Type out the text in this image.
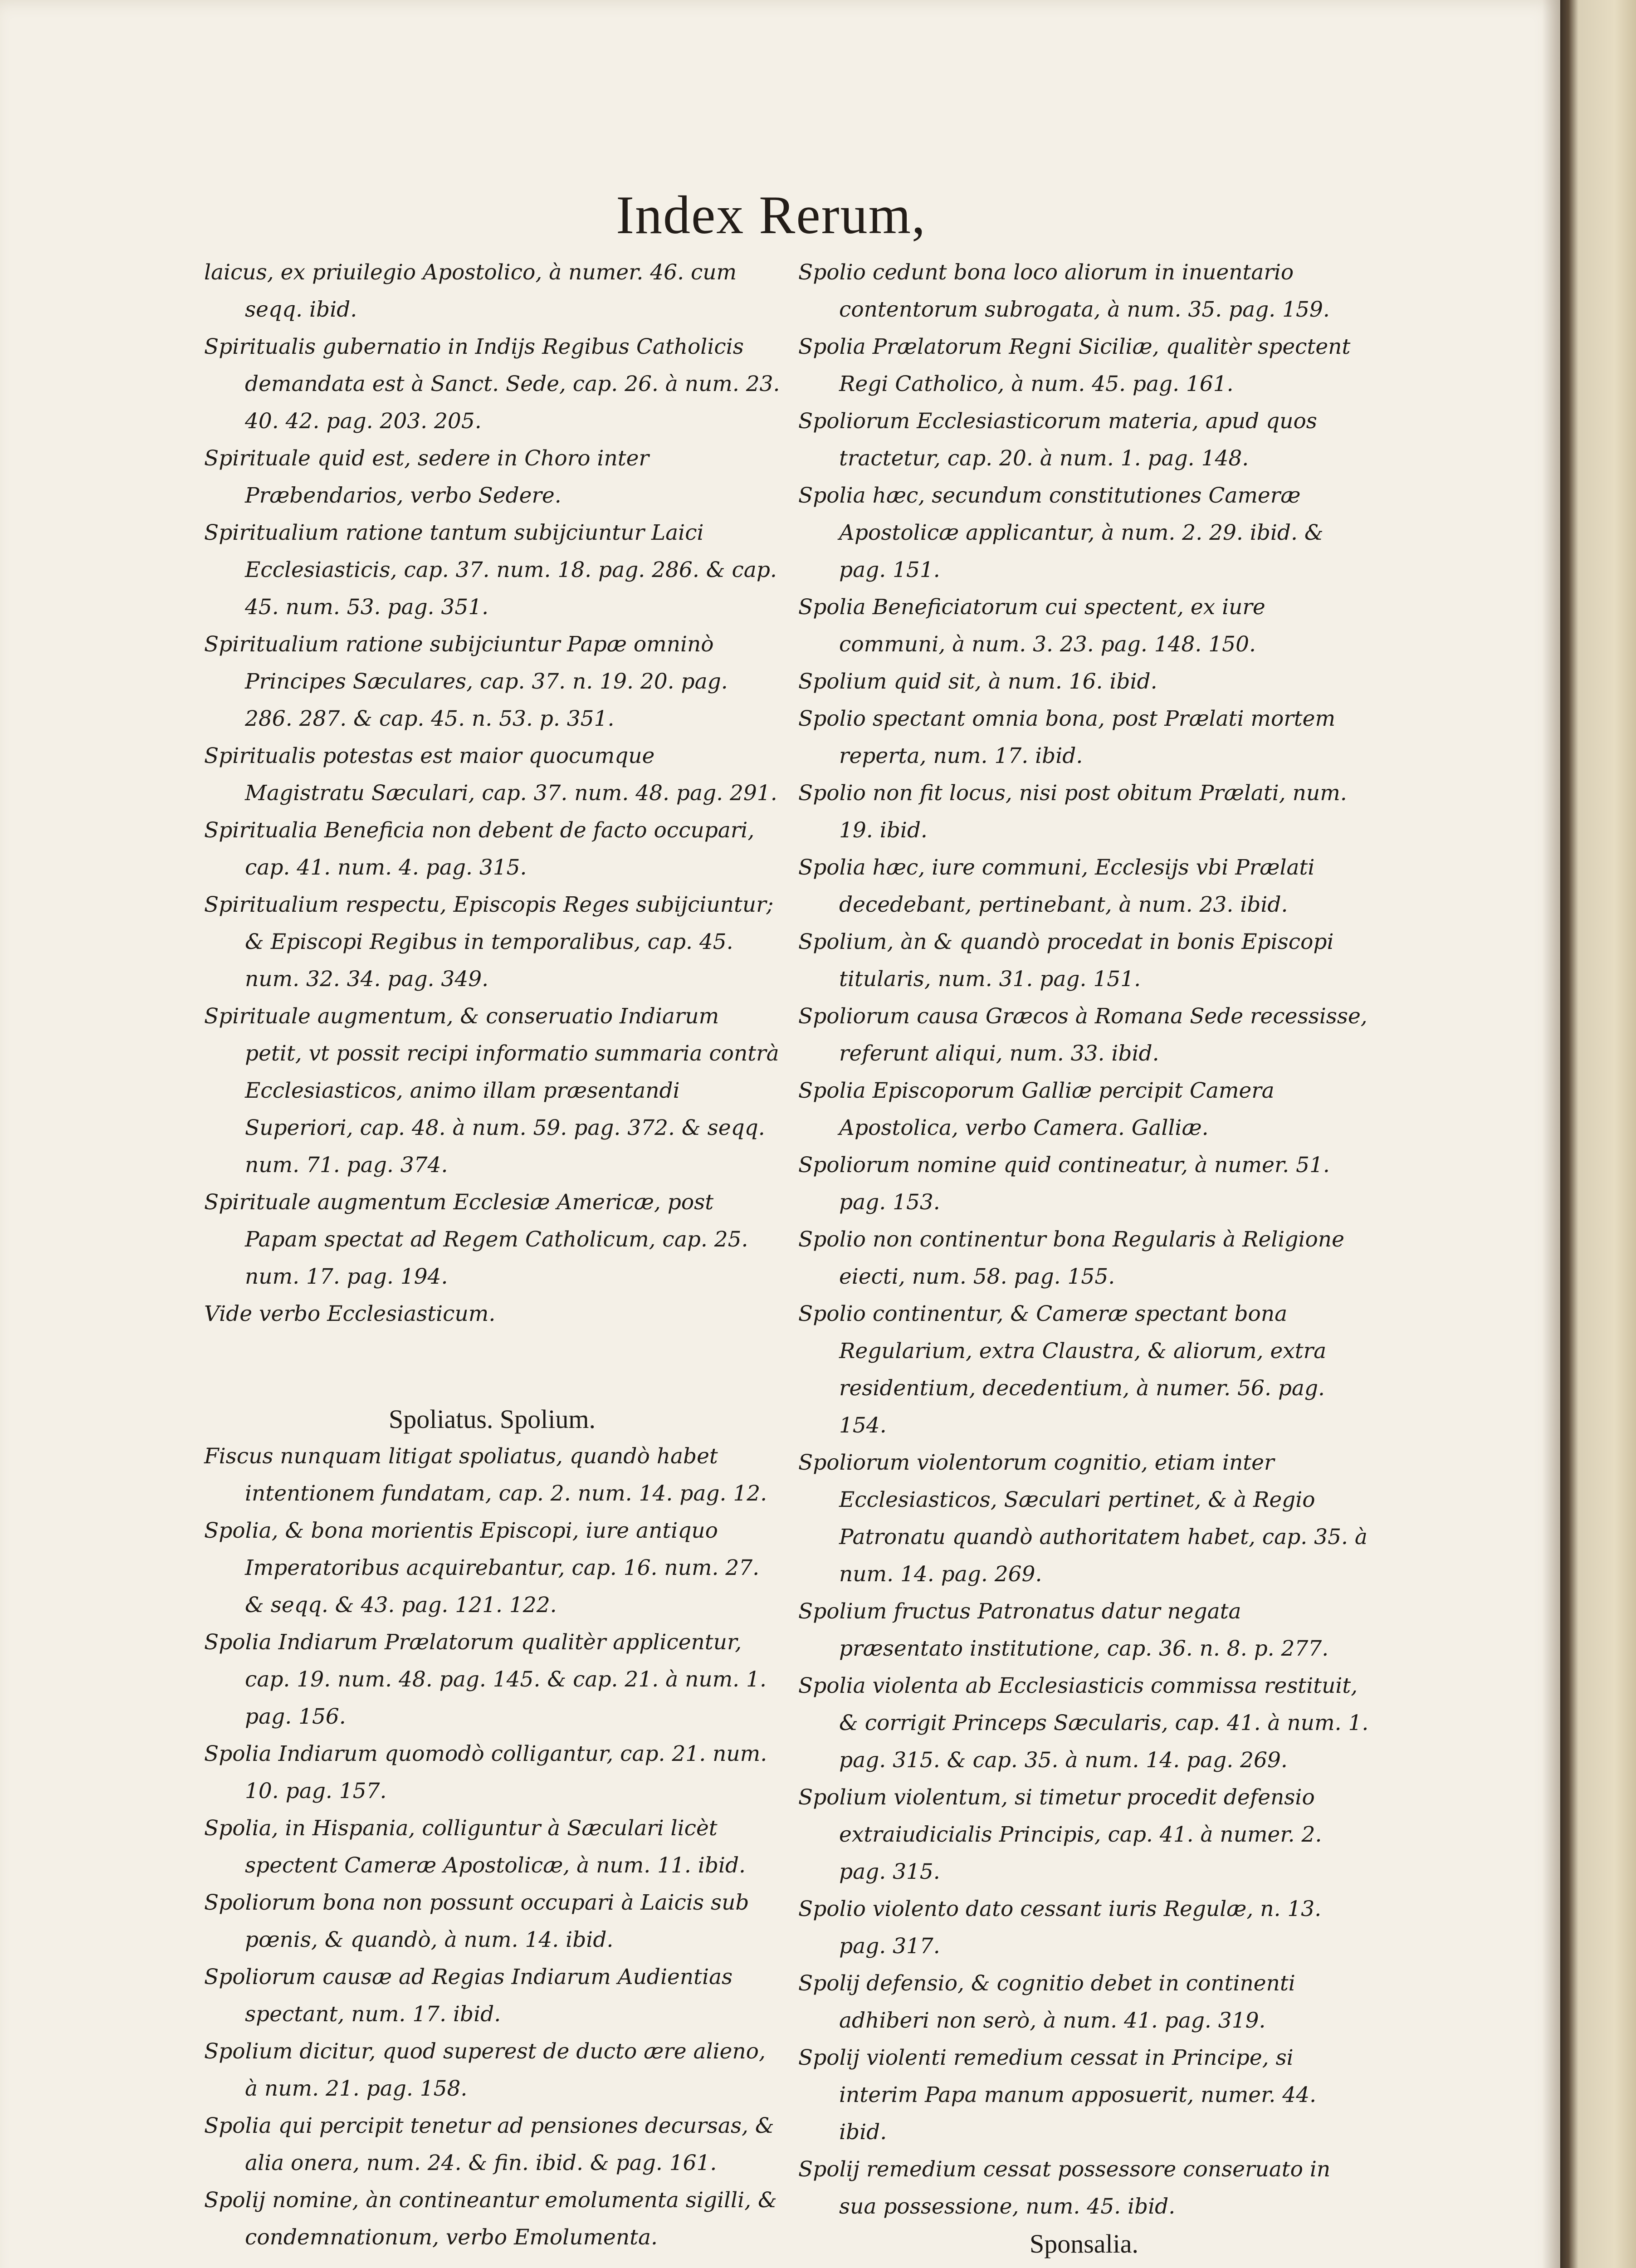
Index Rerum,

laicus, ex priuilegio Apostolico, à numer. 46. cum seqq. ibid.

Spiritualis gubernatio in Indijs Regibus Catholicis demandata est à Sanct. Sede, cap. 26. à num. 23. 40. 42. pag. 203. 205.

Spirituale quid est, sedere in Choro inter Præbendarios, verbo Sedere.

Spiritualium ratione tantum subijciuntur Laici Ecclesiasticis, cap. 37. num. 18. pag. 286. & cap. 45. num. 53. pag. 351.

Spiritualium ratione subijciuntur Papæ omninò Principes Sæculares, cap. 37. n. 19. 20. pag. 286. 287. & cap. 45. n. 53. p. 351.

Spiritualis potestas est maior quocumque Magistratu Sæculari, cap. 37. num. 48. pag. 291.

Spiritualia Beneficia non debent de facto occupari, cap. 41. num. 4. pag. 315.

Spiritualium respectu, Episcopis Reges subijciuntur; & Episcopi Regibus in temporalibus, cap. 45. num. 32. 34. pag. 349.

Spirituale augmentum, & conseruatio Indiarum petit, vt possit recipi informatio summaria contrà Ecclesiasticos, animo illam præsentandi Superiori, cap. 48. à num. 59. pag. 372. & seqq. num. 71. pag. 374.

Spirituale augmentum Ecclesiæ Americæ, post Papam spectat ad Regem Catholicum, cap. 25. num. 17. pag. 194.

Vide verbo Ecclesiasticum.

Spoliatus. Spolium.

Fiscus nunquam litigat spoliatus, quandò habet intentionem fundatam, cap. 2. num. 14. pag. 12.

Spolia, & bona morientis Episcopi, iure antiquo Imperatoribus acquirebantur, cap. 16. num. 27. & seqq. & 43. pag. 121. 122.

Spolia Indiarum Prælatorum qualitèr applicentur, cap. 19. num. 48. pag. 145. & cap. 21. à num. 1. pag. 156.

Spolia Indiarum quomodò colligantur, cap. 21. num. 10. pag. 157.

Spolia, in Hispania, colliguntur à Sæculari licèt spectent Cameræ Apostolicæ, à num. 11. ibid.

Spoliorum bona non possunt occupari à Laicis sub pœnis, & quandò, à num. 14. ibid.

Spoliorum causæ ad Regias Indiarum Audientias spectant, num. 17. ibid.

Spolium dicitur, quod superest de ducto ære alieno, à num. 21. pag. 158.

Spolia qui percipit tenetur ad pensiones decursas, & alia onera, num. 24. & fin. ibid. & pag. 161.

Spolij nomine, àn contineantur emolumenta sigilli, & condemnationum, verbo Emolumenta.

Spolio cedunt bona loco aliorum in inuentario contentorum subrogata, à num. 35. pag. 159.

Spolia Prælatorum Regni Siciliæ, qualitèr spectent Regi Catholico, à num. 45. pag. 161.

Spoliorum Ecclesiasticorum materia, apud quos tractetur, cap. 20. à num. 1. pag. 148.

Spolia hæc, secundum constitutiones Cameræ Apostolicæ applicantur, à num. 2. 29. ibid. & pag. 151.

Spolia Beneficiatorum cui spectent, ex iure communi, à num. 3. 23. pag. 148. 150.

Spolium quid sit, à num. 16. ibid.

Spolio spectant omnia bona, post Prælati mortem reperta, num. 17. ibid.

Spolio non fit locus, nisi post obitum Prælati, num. 19. ibid.

Spolia hæc, iure communi, Ecclesijs vbi Prælati decedebant, pertinebant, à num. 23. ibid.

Spolium, àn & quandò procedat in bonis Episcopi titularis, num. 31. pag. 151.

Spoliorum causa Græcos à Romana Sede recessisse, referunt aliqui, num. 33. ibid.

Spolia Episcoporum Galliæ percipit Camera Apostolica, verbo Camera. Galliæ.

Spoliorum nomine quid contineatur, à numer. 51. pag. 153.

Spolio non continentur bona Regularis à Religione eiecti, num. 58. pag. 155.

Spolio continentur, & Cameræ spectant bona Regularium, extra Claustra, & aliorum, extra residentium, decedentium, à numer. 56. pag. 154.

Spoliorum violentorum cognitio, etiam inter Ecclesiasticos, Sæculari pertinet, & à Regio Patronatu quandò authoritatem habet, cap. 35. à num. 14. pag. 269.

Spolium fructus Patronatus datur negata præsentato institutione, cap. 36. n. 8. p. 277.

Spolia violenta ab Ecclesiasticis commissa restituit, & corrigit Princeps Sæcularis, cap. 41. à num. 1. pag. 315. & cap. 35. à num. 14. pag. 269.

Spolium violentum, si timetur procedit defensio extraiudicialis Principis, cap. 41. à numer. 2. pag. 315.

Spolio violento dato cessant iuris Regulæ, n. 13. pag. 317.

Spolij defensio, & cognitio debet in continenti adhiberi non serò, à num. 41. pag. 319.

Spolij violenti remedium cessat in Principe, si interim Papa manum apposuerit, numer. 44. ibid.

Spolij remedium cessat possessore conseruato in sua possessione, num. 45. ibid.

Sponsalia.
